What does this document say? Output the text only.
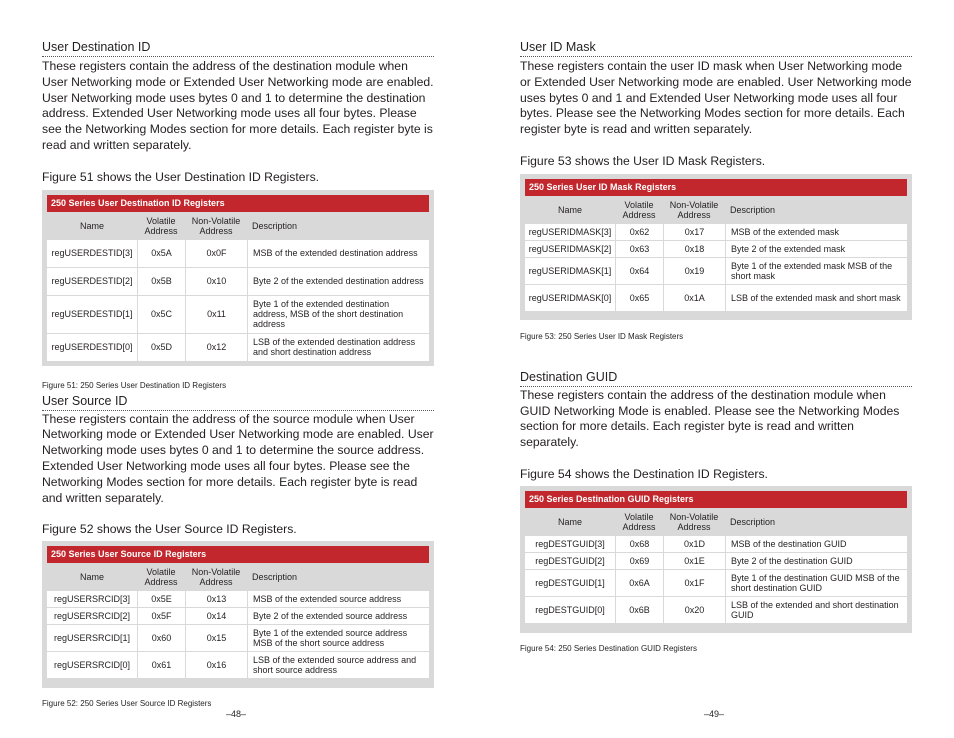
User Destination ID

These registers contain the address of the destination module when User Networking mode or Extended User Networking mode are enabled. User Networking mode uses bytes 0 and 1 to determine the destination address. Extended User Networking mode uses all four bytes. Please see the Networking Modes section for more details. Each register byte is read and written separately.

Figure 51 shows the User Destination ID Registers.

250 Series User Destination ID Registers
Name	Volatile Address	Non-Volatile Address	Description
regUSERDESTID[3]	0x5A	0x0F	MSB of the extended destination address
regUSERDESTID[2]	0x5B	0x10	Byte 2 of the extended destination address
regUSERDESTID[1]	0x5C	0x11	Byte 1 of the extended destination address, MSB of the short destination address
regUSERDESTID[0]	0x5D	0x12	LSB of the extended destination address and short destination address
Figure 51: 250 Series User Destination ID Registers
User Source ID

These registers contain the address of the source module when User Networking mode or Extended User Networking mode are enabled. User Networking mode uses bytes 0 and 1 to determine the source address. Extended User Networking mode uses all four bytes. Please see the Networking Modes section for more details. Each register byte is read and written separately.

Figure 52 shows the User Source ID Registers.

250 Series User Source ID Registers
Name	Volatile Address	Non-Volatile Address	Description
regUSERSRCID[3]	0x5E	0x13	MSB of the extended source address
regUSERSRCID[2]	0x5F	0x14	Byte 2 of the extended source address
regUSERSRCID[1]	0x60	0x15	Byte 1 of the extended source address MSB of the short source address
regUSERSRCID[0]	0x61	0x16	LSB of the extended source address and short source address
Figure 52: 250 Series User Source ID Registers
–48–
User ID Mask

These registers contain the user ID mask when User Networking mode or Extended User Networking mode are enabled. User Networking mode uses bytes 0 and 1 and Extended User Networking mode uses all four bytes. Please see the Networking Modes section for more details. Each register byte is read and written separately.

Figure 53 shows the User ID Mask Registers.

250 Series User ID Mask Registers
Name	Volatile Address	Non-Volatile Address	Description
regUSERIDMASK[3]	0x62	0x17	MSB of the extended mask
regUSERIDMASK[2]	0x63	0x18	Byte 2 of the extended mask
regUSERIDMASK[1]	0x64	0x19	Byte 1 of the extended mask MSB of the short mask
regUSERIDMASK[0]	0x65	0x1A	LSB of the extended mask and short mask
Figure 53: 250 Series User ID Mask Registers
Destination GUID

These registers contain the address of the destination module when GUID Networking Mode is enabled. Please see the Networking Modes section for more details. Each register byte is read and written separately.

Figure 54 shows the Destination ID Registers.

250 Series Destination GUID Registers
Name	Volatile Address	Non-Volatile Address	Description
regDESTGUID[3]	0x68	0x1D	MSB of the destination GUID
regDESTGUID[2]	0x69	0x1E	Byte 2 of the destination GUID
regDESTGUID[1]	0x6A	0x1F	Byte 1 of the destination GUID MSB of the short destination GUID
regDESTGUID[0]	0x6B	0x20	LSB of the extended and short destination GUID
Figure 54: 250 Series Destination GUID Registers
–49–
